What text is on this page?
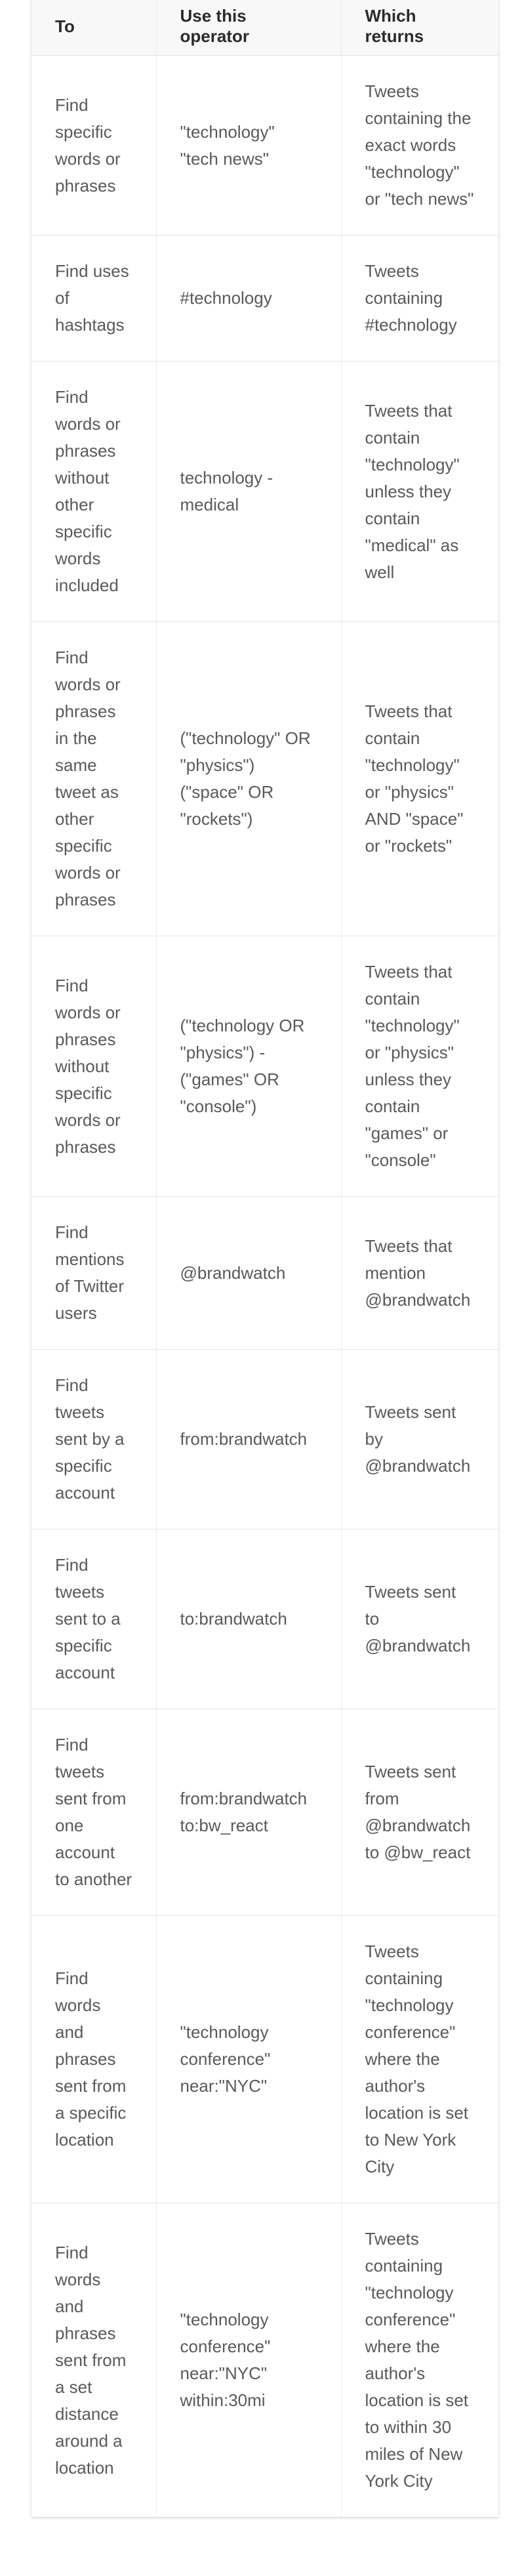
To	Use this operator	Which returns
Find specific words or phrases	"technology" "tech news"	Tweets containing the exact words "technology" or "tech news"
Find uses of hashtags	#technology	Tweets containing #technology
Find words or phrases without other specific words included	technology -medical	Tweets that contain "technology" unless they contain "medical" as well
Find words or phrases in the same tweet as other specific words or phrases	("technology" OR "physics") ("space" OR "rockets")	Tweets that contain "technology" or "physics" AND "space" or "rockets"
Find words or phrases without specific words or phrases	("technology OR "physics") -("games" OR "console")	Tweets that contain "technology" or "physics" unless they contain "games" or "console"
Find mentions of Twitter users	@brandwatch	Tweets that mention @brandwatch
Find tweets sent by a specific account	from:brandwatch	Tweets sent by @brandwatch
Find tweets sent to a specific account	to:brandwatch	Tweets sent to @brandwatch
Find tweets sent from one account to another	from:brandwatch to:bw_react	Tweets sent from @brandwatch to @bw_react
Find words and phrases sent from a specific location	"technology conference" near:"NYC"	Tweets containing "technology conference" where the author's location is set to New York City
Find words and phrases sent from a set distance around a location	"technology conference" near:"NYC" within:30mi	Tweets containing "technology conference" where the author's location is set to within 30 miles of New York City
